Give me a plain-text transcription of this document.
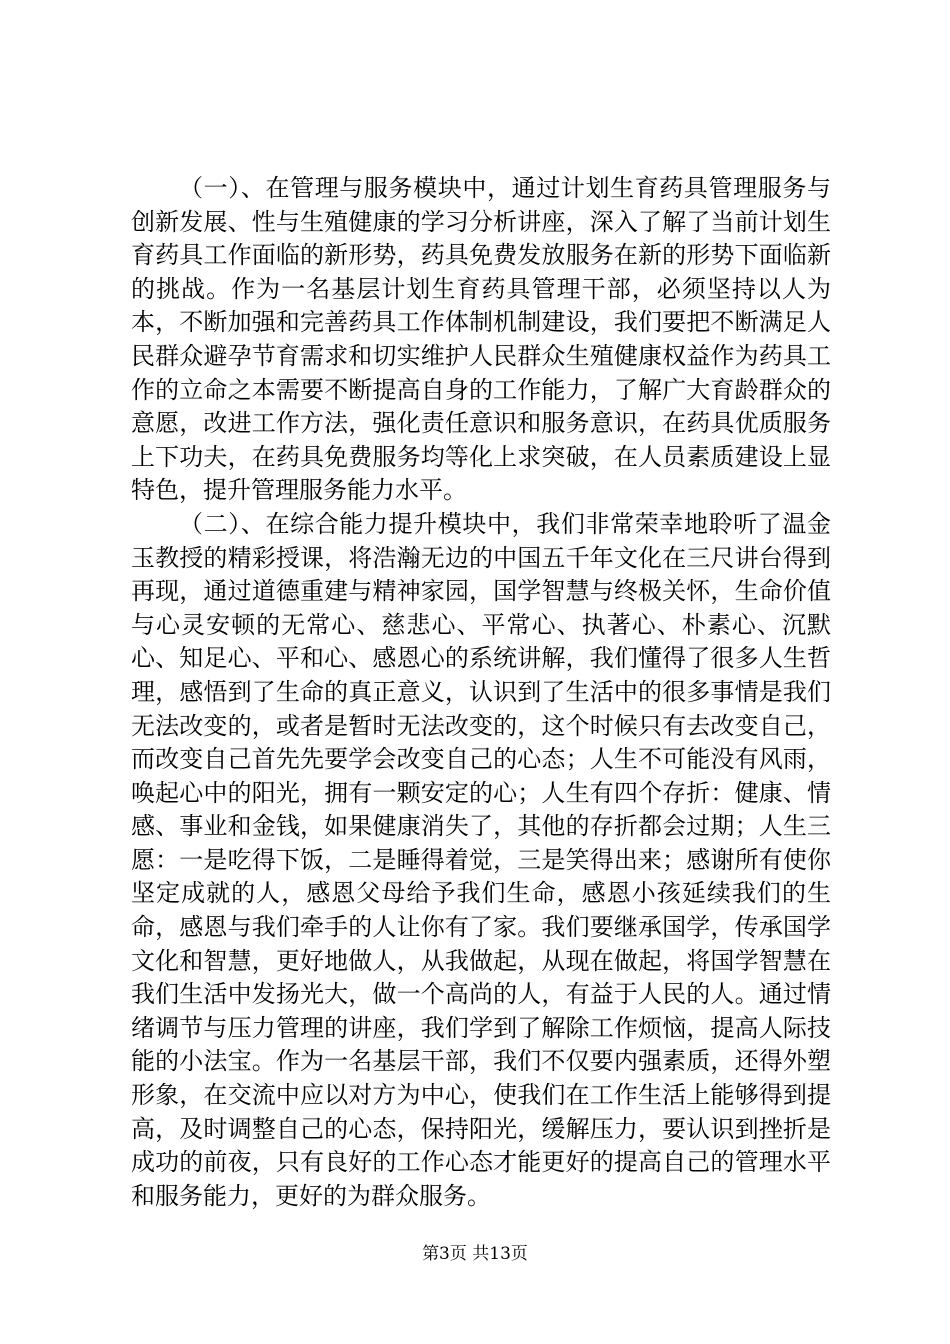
（一）、在管理与服务模块中，通过计划生育药具管理服务与创新发展、性与生殖健康的学习分析讲座，深入了解了当前计划生育药具工作面临的新形势，药具免费发放服务在新的形势下面临新的挑战。作为一名基层计划生育药具管理干部，必须坚持以人为本，不断加强和完善药具工作体制机制建设，我们要把不断满足人民群众避孕节育需求和切实维护人民群众生殖健康权益作为药具工作的立命之本需要不断提高自身的工作能力，了解广大育龄群众的意愿，改进工作方法，强化责任意识和服务意识，在药具优质服务上下功夫，在药具免费服务均等化上求突破，在人员素质建设上显特色，提升管理服务能力水平。

（二）、在综合能力提升模块中，我们非常荣幸地聆听了温金玉教授的精彩授课，将浩瀚无边的中国五千年文化在三尺讲台得到再现，通过道德重建与精神家园，国学智慧与终极关怀，生命价值与心灵安顿的无常心、慈悲心、平常心、执著心、朴素心、沉默心、知足心、平和心、感恩心的系统讲解，我们懂得了很多人生哲理，感悟到了生命的真正意义，认识到了生活中的很多事情是我们无法改变的，或者是暂时无法改变的，这个时候只有去改变自己，而改变自己首先先要学会改变自己的心态；人生不可能没有风雨，唤起心中的阳光，拥有一颗安定的心；人生有四个存折：健康、情感、事业和金钱，如果健康消失了，其他的存折都会过期；人生三愿：一是吃得下饭，二是睡得着觉，三是笑得出来；感谢所有使你坚定成就的人，感恩父母给予我们生命，感恩小孩延续我们的生命，感恩与我们牵手的人让你有了家。我们要继承国学，传承国学文化和智慧，更好地做人，从我做起，从现在做起，将国学智慧在我们生活中发扬光大，做一个高尚的人，有益于人民的人。通过情绪调节与压力管理的讲座，我们学到了解除工作烦恼，提高人际技能的小法宝。作为一名基层干部，我们不仅要内强素质，还得外塑形象，在交流中应以对方为中心，使我们在工作生活上能够得到提高，及时调整自己的心态，保持阳光，缓解压力，要认识到挫折是成功的前夜，只有良好的工作心态才能更好的提高自己的管理水平和服务能力，更好的为群众服务。

第3页 共13页
